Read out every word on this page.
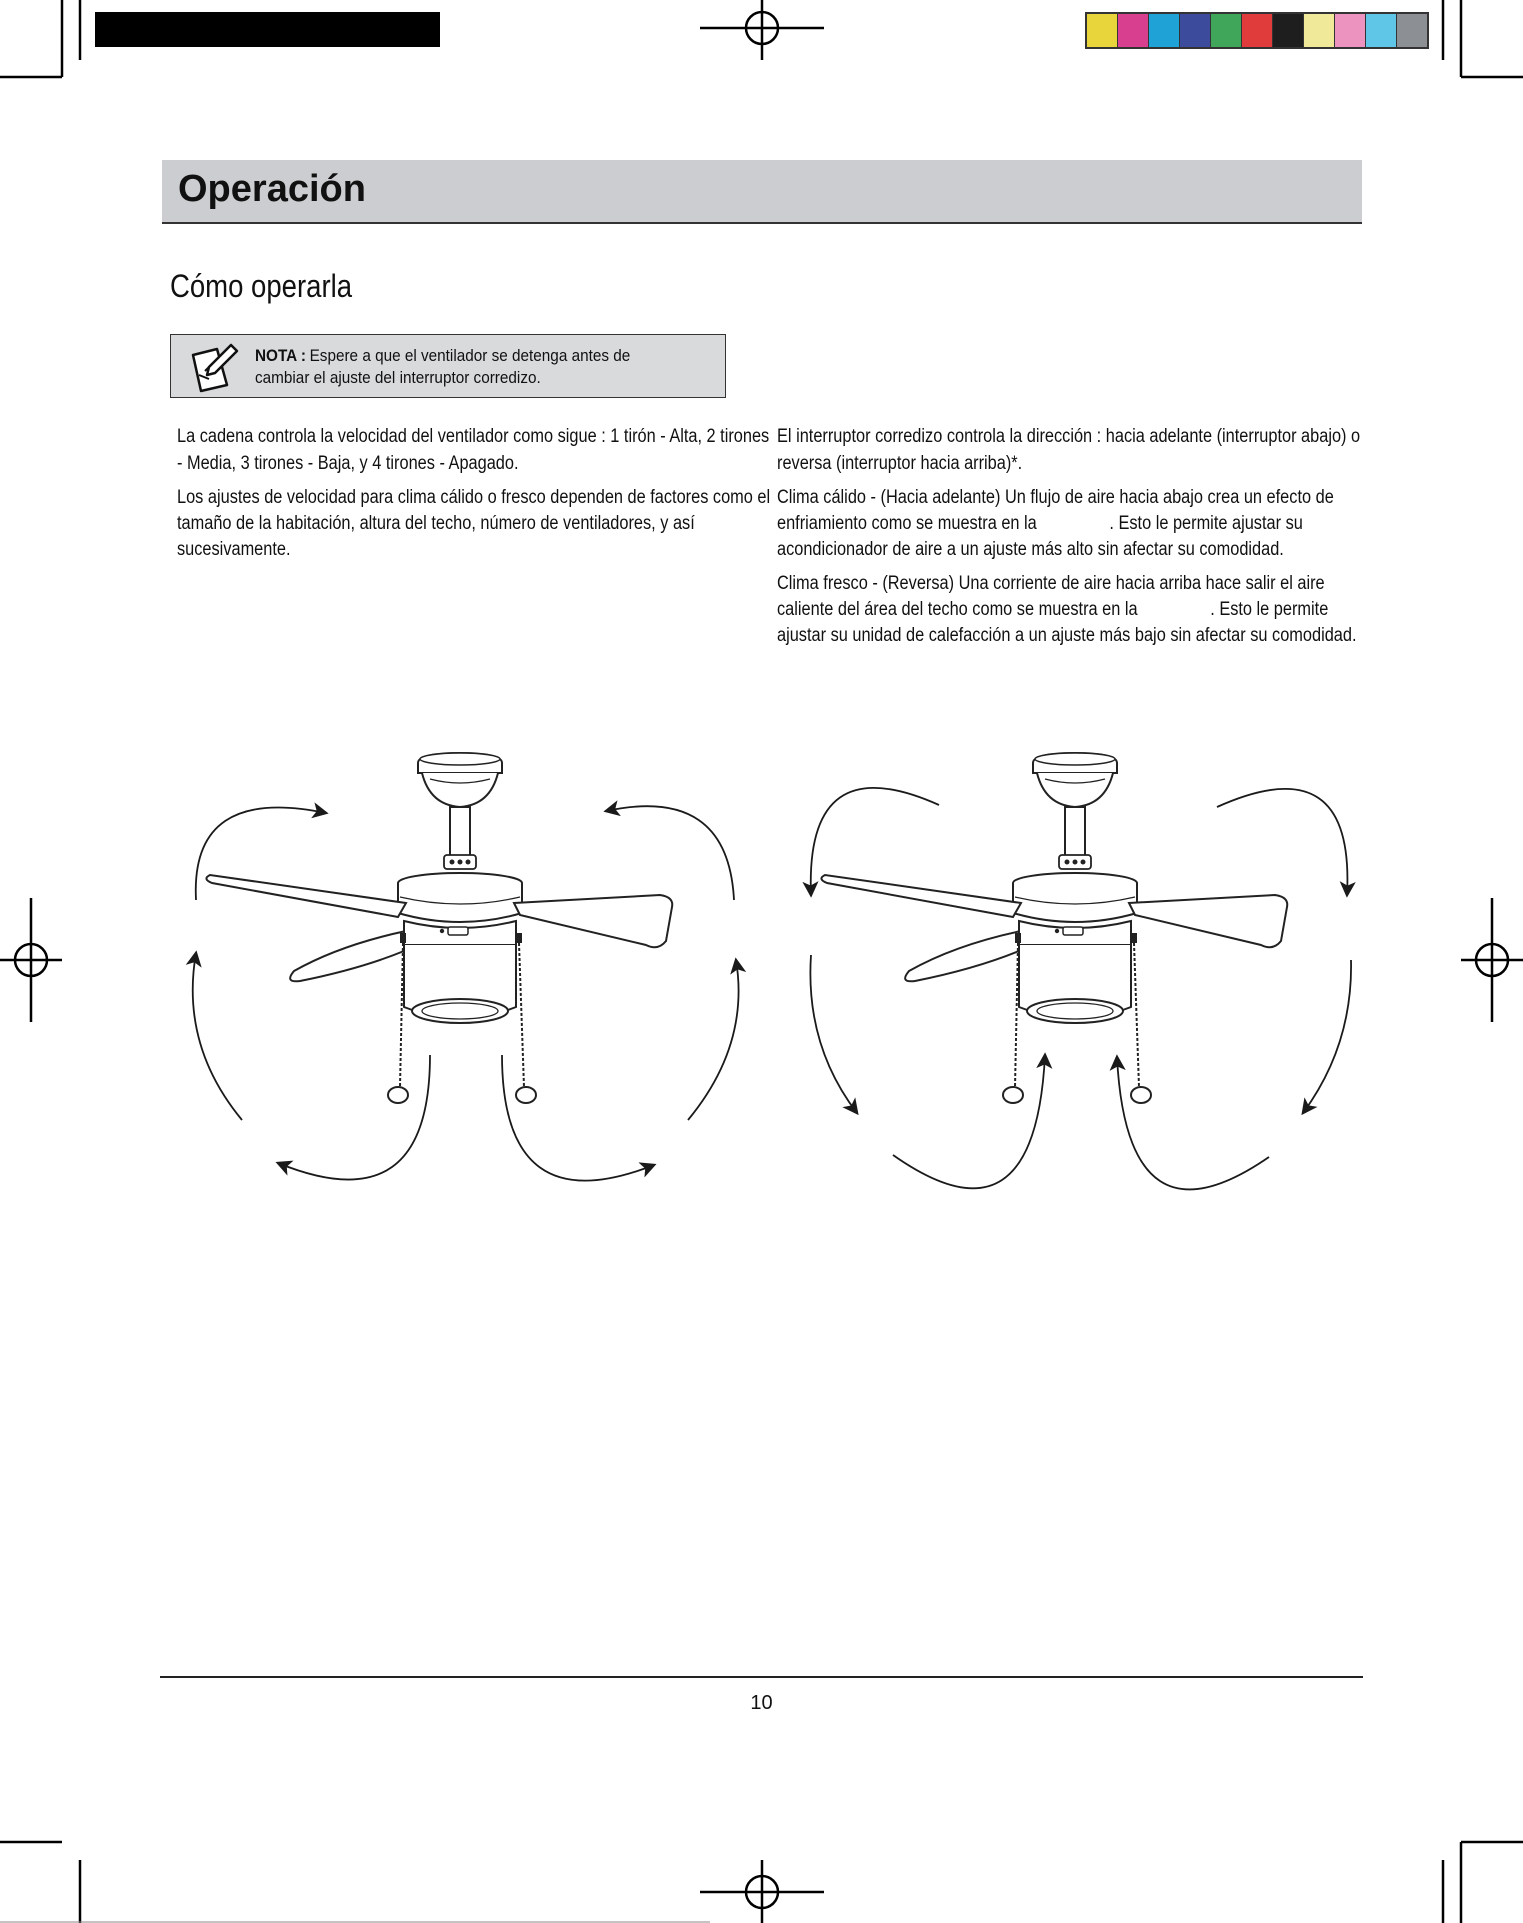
Operación
Cómo operarla
NOTA : Espere a que el ventilador se detenga antes de cambiar el ajuste del interruptor corredizo.

La cadena controla la velocidad del ventilador como sigue : 1 tirón - Alta, 2 tirones - Media, 3 tirones - Baja, y 4 tirones - Apagado.

Los ajustes de velocidad para clima cálido o fresco dependen de factores como el tamaño de la habitación, altura del techo, número de ventiladores, y así sucesivamente.

El interruptor corredizo controla la dirección : hacia adelante (interruptor abajo) o reversa (interruptor hacia arriba)*.

Clima cálido - (Hacia adelante) Un flujo de aire hacia abajo crea un efecto de enfriamiento como se muestra en la                . Esto le permite ajustar su acondicionador de aire a un ajuste más alto sin afectar su comodidad.

Clima fresco - (Reversa) Una corriente de aire hacia arriba hace salir el aire caliente del área del techo como se muestra en la                . Esto le permite ajustar su unidad de calefacción a un ajuste más bajo sin afectar su comodidad.

10
